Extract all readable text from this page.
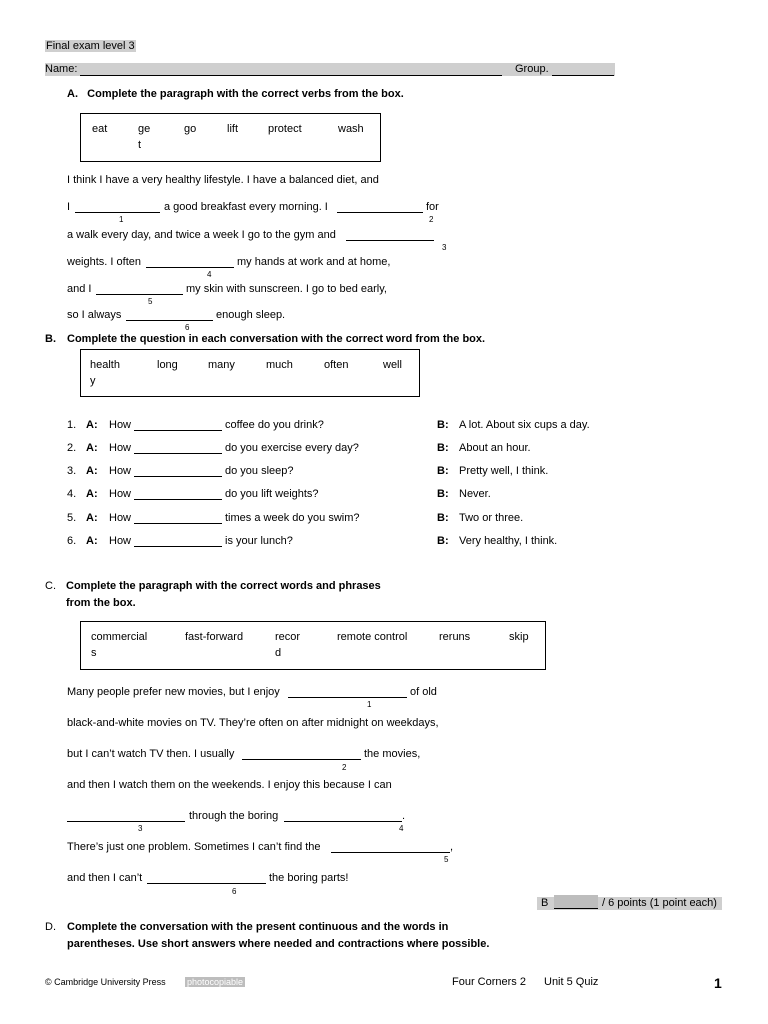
Final exam level 3
Name:	Group.
A.   Complete the paragraph with the correct verbs from the box.
eat	ge
t
go	lift	protect	wash
I think I have a very healthy lifestyle. I have a balanced diet, and
I
1
a good breakfast every morning. I
2
for
a walk every day, and twice a week I go to the gym and
3
weights. I often
4
my hands at work and at home,
and I
5
my skin with sunscreen. I go to bed early,
so I always
6
enough sleep.
B. Complete the question in each conversation with the correct word from the box.
health
y
long	many	much	often	well
1. A: How	coffee do you drink?	B: A lot. About six cups a day.
2. A: How	do you exercise every day?	B: About an hour.
3. A: How	do you sleep?	B: Pretty well, I think.
4. A: How	do you lift weights?	B: Never.
5. A: How	times a week do you swim?	B: Two or three.
6. A: How	is your lunch?	B: Very healthy, I think.
C. Complete the paragraph with the correct words and phrases
from the box.
commercial
s
fast-forward	recor
d
remote control	reruns	skip
Many people prefer new movies, but I enjoy
1
of old
black-and-white movies on TV. They’re often on after midnight on weekdays,
but I can’t watch TV then. I usually
2
the movies,
and then I watch them on the weekends. I enjoy this because I can
3
through the boring
4
.
There’s just one problem. Sometimes I can’t find the
5
,
and then I can’t
6
the boring parts!
B	/ 6 points (1 point each)
D. Complete the conversation with the present continuous and the words in
parentheses. Use short answers where needed and contractions where possible.
© Cambridge University Press photocopiable	Four Corners 2 Unit 5 Quiz	1
